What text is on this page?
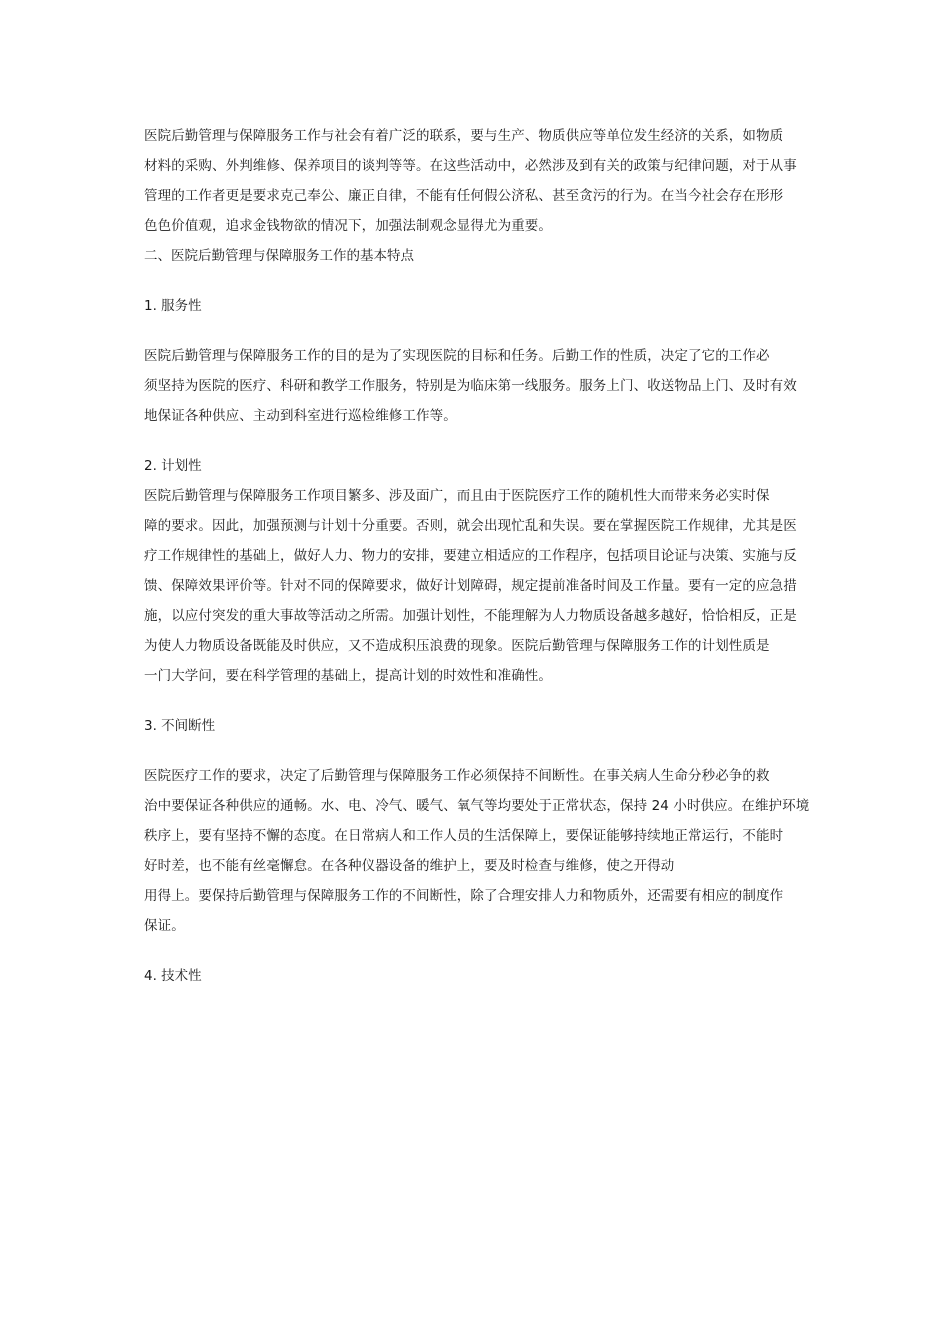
医院后勤管理与保障服务工作与社会有着广泛的联系，要与生产、物质供应等单位发生经济的关系，如物质
材料的采购、外判维修、保养项目的谈判等等。在这些活动中，必然涉及到有关的政策与纪律问题，对于从事
管理的工作者更是要求克己奉公、廉正自律，不能有任何假公济私、甚至贪污的行为。在当今社会存在形形
色色价值观，追求金钱物欲的情况下，加强法制观念显得尤为重要。

二、医院后勤管理与保障服务工作的基本特点

1. 服务性

医院后勤管理与保障服务工作的目的是为了实现医院的目标和任务。后勤工作的性质，决定了它的工作必
须坚持为医院的医疗、科研和教学工作服务，特别是为临床第一线服务。服务上门、收送物品上门、及时有效
地保证各种供应、主动到科室进行巡检维修工作等。

2. 计划性

医院后勤管理与保障服务工作项目繁多、涉及面广，而且由于医院医疗工作的随机性大而带来务必实时保
障的要求。因此，加强预测与计划十分重要。否则，就会出现忙乱和失误。要在掌握医院工作规律，尤其是医
疗工作规律性的基础上，做好人力、物力的安排，要建立相适应的工作程序，包括项目论证与决策、实施与反
馈、保障效果评价等。针对不同的保障要求，做好计划障碍，规定提前准备时间及工作量。要有一定的应急措
施，以应付突发的重大事故等活动之所需。加强计划性，不能理解为人力物质设备越多越好，恰恰相反，正是
为使人力物质设备既能及时供应，又不造成积压浪费的现象。医院后勤管理与保障服务工作的计划性质是
一门大学问，要在科学管理的基础上，提高计划的时效性和准确性。

3. 不间断性

医院医疗工作的要求，决定了后勤管理与保障服务工作必须保持不间断性。在事关病人生命分秒必争的救
治中要保证各种供应的通畅。水、电、冷气、暖气、氧气等均要处于正常状态，保持 24 小时供应。在维护环境
秩序上，要有坚持不懈的态度。在日常病人和工作人员的生活保障上，要保证能够持续地正常运行，不能时
好时差，也不能有丝毫懈怠。在各种仪器设备的维护上，要及时检查与维修，使之开得动
用得上。要保持后勤管理与保障服务工作的不间断性，除了合理安排人力和物质外，还需要有相应的制度作
保证。

4. 技术性
